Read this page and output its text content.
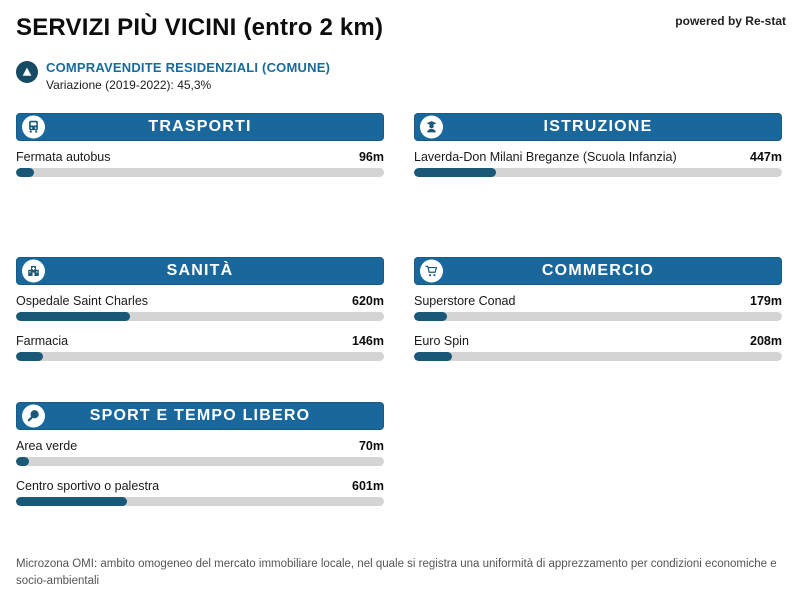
SERVIZI PIÙ VICINI (entro 2 km)	powered by Re-stat
COMPRAVENDITE RESIDENZIALI (COMUNE)
Variazione (2019-2022): 45,3%
TRASPORTI
Fermata autobus	96m
ISTRUZIONE
Laverda-Don Milani Breganze (Scuola Infanzia)	447m
SANITÀ
Ospedale Saint Charles	620m
Farmacia	146m
COMMERCIO
Superstore Conad	179m
Euro Spin	208m
SPORT E TEMPO LIBERO
Area verde	70m
Centro sportivo o palestra	601m
Microzona OMI: ambito omogeneo del mercato immobiliare locale, nel quale si registra una uniformità di apprezzamento per condizioni economiche e socio-ambientali
